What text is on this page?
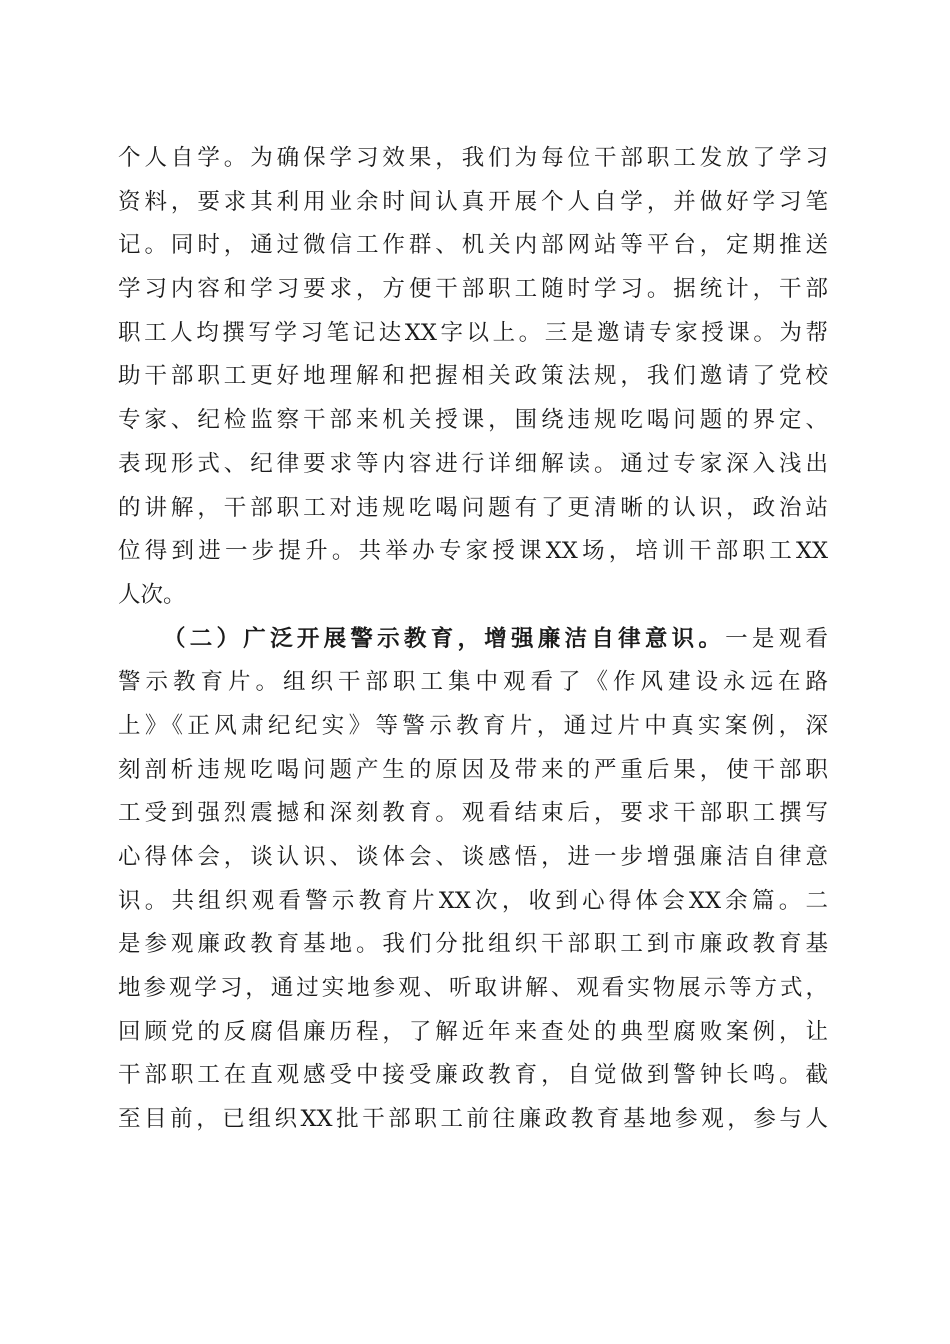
个人自学。为确保学习效果，我们为每位干部职工发放了学习
资料，要求其利用业余时间认真开展个人自学，并做好学习笔
记。同时，通过微信工作群、机关内部网站等平台，定期推送
学习内容和学习要求，方便干部职工随时学习。据统计，干部
职工人均撰写学习笔记达XX字以上。三是邀请专家授课。为帮
助干部职工更好地理解和把握相关政策法规，我们邀请了党校
专家、纪检监察干部来机关授课，围绕违规吃喝问题的界定、
表现形式、纪律要求等内容进行详细解读。通过专家深入浅出
的讲解，干部职工对违规吃喝问题有了更清晰的认识，政治站
位得到进一步提升。共举办专家授课XX场，培训干部职工XX
人次。
（二）广泛开展警示教育，增强廉洁自律意识。一是观看
警示教育片。组织干部职工集中观看了《作风建设永远在路
上》《正风肃纪纪实》等警示教育片，通过片中真实案例，深
刻剖析违规吃喝问题产生的原因及带来的严重后果，使干部职
工受到强烈震撼和深刻教育。观看结束后，要求干部职工撰写
心得体会，谈认识、谈体会、谈感悟，进一步增强廉洁自律意
识。共组织观看警示教育片XX次，收到心得体会XX余篇。二
是参观廉政教育基地。我们分批组织干部职工到市廉政教育基
地参观学习，通过实地参观、听取讲解、观看实物展示等方式，
回顾党的反腐倡廉历程，了解近年来查处的典型腐败案例，让
干部职工在直观感受中接受廉政教育，自觉做到警钟长鸣。截
至目前，已组织XX批干部职工前往廉政教育基地参观，参与人
